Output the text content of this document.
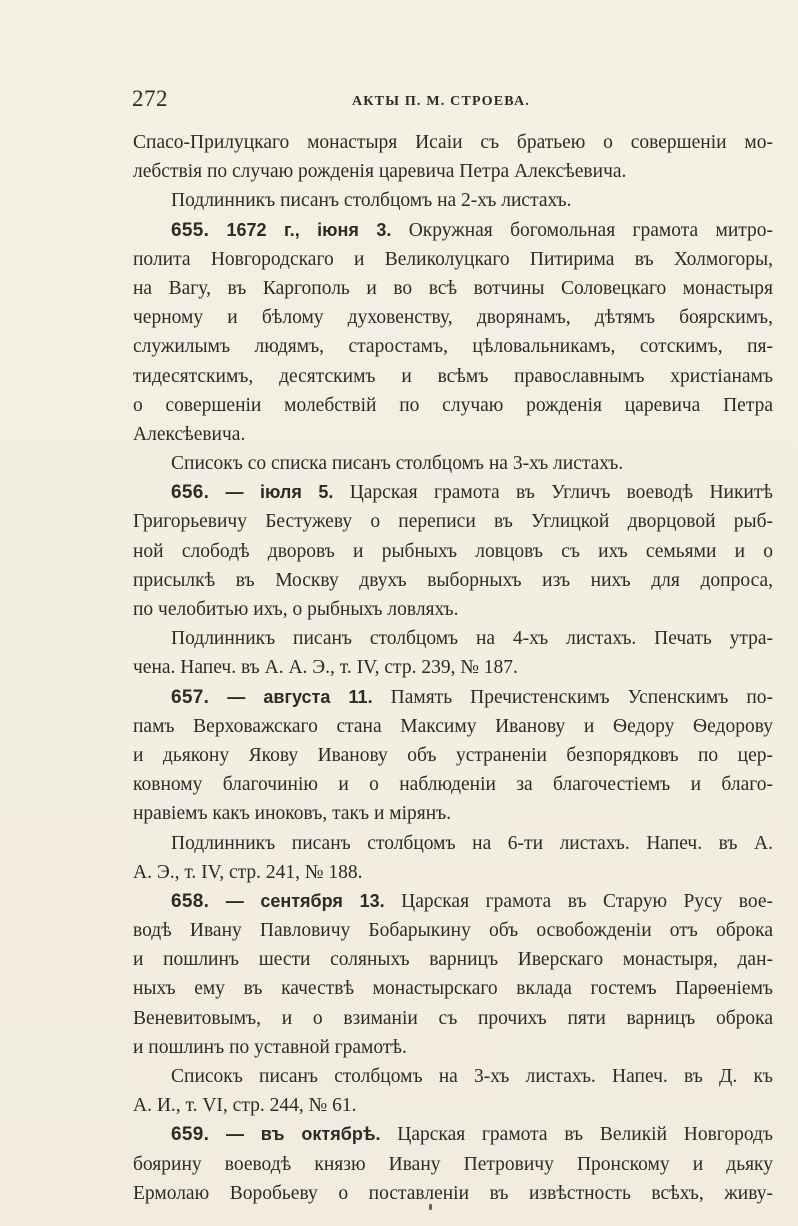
272	АКТЫ П. М. СТРОЕВА.
Спасо-Прилуцкаго монастыря Исаіи съ братьею о совершеніи мо-
лебствія по случаю рожденія царевича Петра Алексѣевича.
Подлинникъ писанъ столбцомъ на 2-хъ листахъ.
655. 1672 г., іюня 3. Окружная богомольная грамота митро-
полита Новгородскаго и Великолуцкаго Питирима въ Холмогоры,
на Вагу, въ Каргополь и во всѣ вотчины Соловецкаго монастыря
черному и бѣлому духовенству, дворянамъ, дѣтямъ боярскимъ,
служилымъ людямъ, старостамъ, цѣловальникамъ, сотскимъ, пя-
тидесятскимъ, десятскимъ и всѣмъ православнымъ христіанамъ
о совершеніи молебствій по случаю рожденія царевича Петра
Алексѣевича.
Списокъ со списка писанъ столбцомъ на 3-хъ листахъ.
656. — іюля 5. Царская грамота въ Угличъ воеводѣ Никитѣ
Григорьевичу Бестужеву о переписи въ Углицкой дворцовой рыб-
ной слободѣ дворовъ и рыбныхъ ловцовъ съ ихъ семьями и о
присылкѣ въ Москву двухъ выборныхъ изъ нихъ для допроса,
по челобитью ихъ, о рыбныхъ ловляхъ.
Подлинникъ писанъ столбцомъ на 4-хъ листахъ. Печать утра-
чена. Напеч. въ А. А. Э., т. IV, стр. 239, № 187.
657. — августа 11. Память Пречистенскимъ Успенскимъ по-
памъ Верховажскаго стана Максиму Иванову и Ѳедору Ѳедорову
и дьякону Якову Иванову объ устраненіи безпорядковъ по цер-
ковному благочинію и о наблюденіи за благочестіемъ и благо-
нравіемъ какъ иноковъ, такъ и мірянъ.
Подлинникъ писанъ столбцомъ на 6-ти листахъ. Напеч. въ А.
А. Э., т. IV, стр. 241, № 188.
658. — сентября 13. Царская грамота въ Старую Русу вое-
водѣ Ивану Павловичу Бобарыкину объ освобожденіи отъ оброка
и пошлинъ шести соляныхъ варницъ Иверскаго монастыря, дан-
ныхъ ему въ качествѣ монастырскаго вклада гостемъ Парѳеніемъ
Веневитовымъ, и о взиманіи съ прочихъ пяти варницъ оброка
и пошлинъ по уставной грамотѣ.
Списокъ писанъ столбцомъ на 3-хъ листахъ. Напеч. въ Д. къ
А. И., т. VI, стр. 244, № 61.
659. — въ октябрѣ. Царская грамота въ Великій Новгородъ
боярину воеводѣ князю Ивану Петровичу Пронскому и дьяку
Ермолаю Воробьеву о поставленіи въ извѣстность всѣхъ, живу-
